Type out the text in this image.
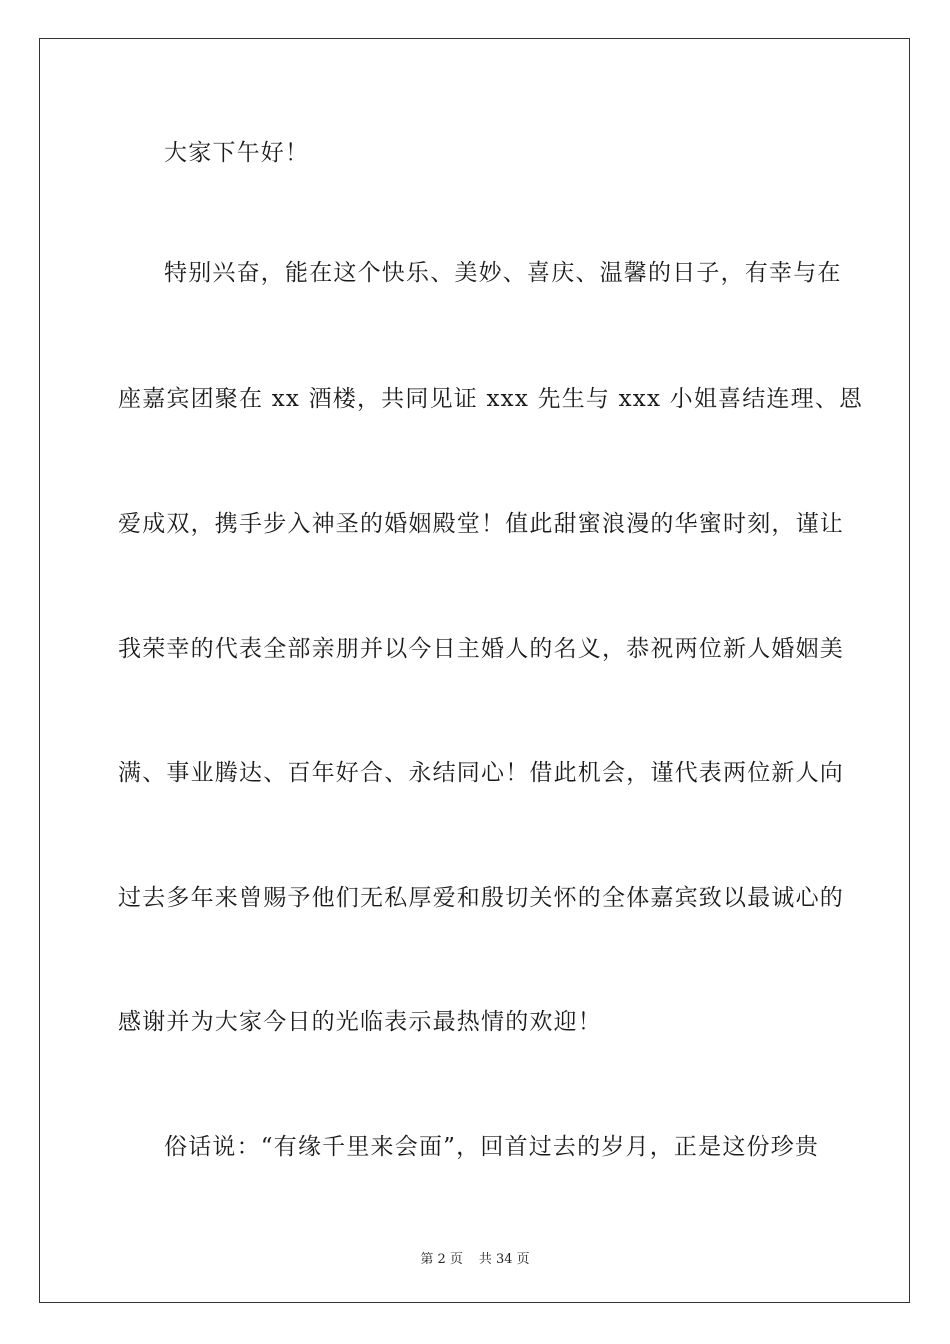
大家下午好！
特别兴奋，能在这个快乐、美妙、喜庆、温馨的日子，有幸与在
座嘉宾团聚在 xx 酒楼，共同见证 xxx 先生与 xxx 小姐喜结连理、恩
爱成双，携手步入神圣的婚姻殿堂！值此甜蜜浪漫的华蜜时刻，谨让
我荣幸的代表全部亲朋并以今日主婚人的名义，恭祝两位新人婚姻美
满、事业腾达、百年好合、永结同心！借此机会，谨代表两位新人向
过去多年来曾赐予他们无私厚爱和殷切关怀的全体嘉宾致以最诚心的
感谢并为大家今日的光临表示最热情的欢迎！
俗话说：“有缘千里来会面”，回首过去的岁月，正是这份珍贵
第 2 页 共 34 页
